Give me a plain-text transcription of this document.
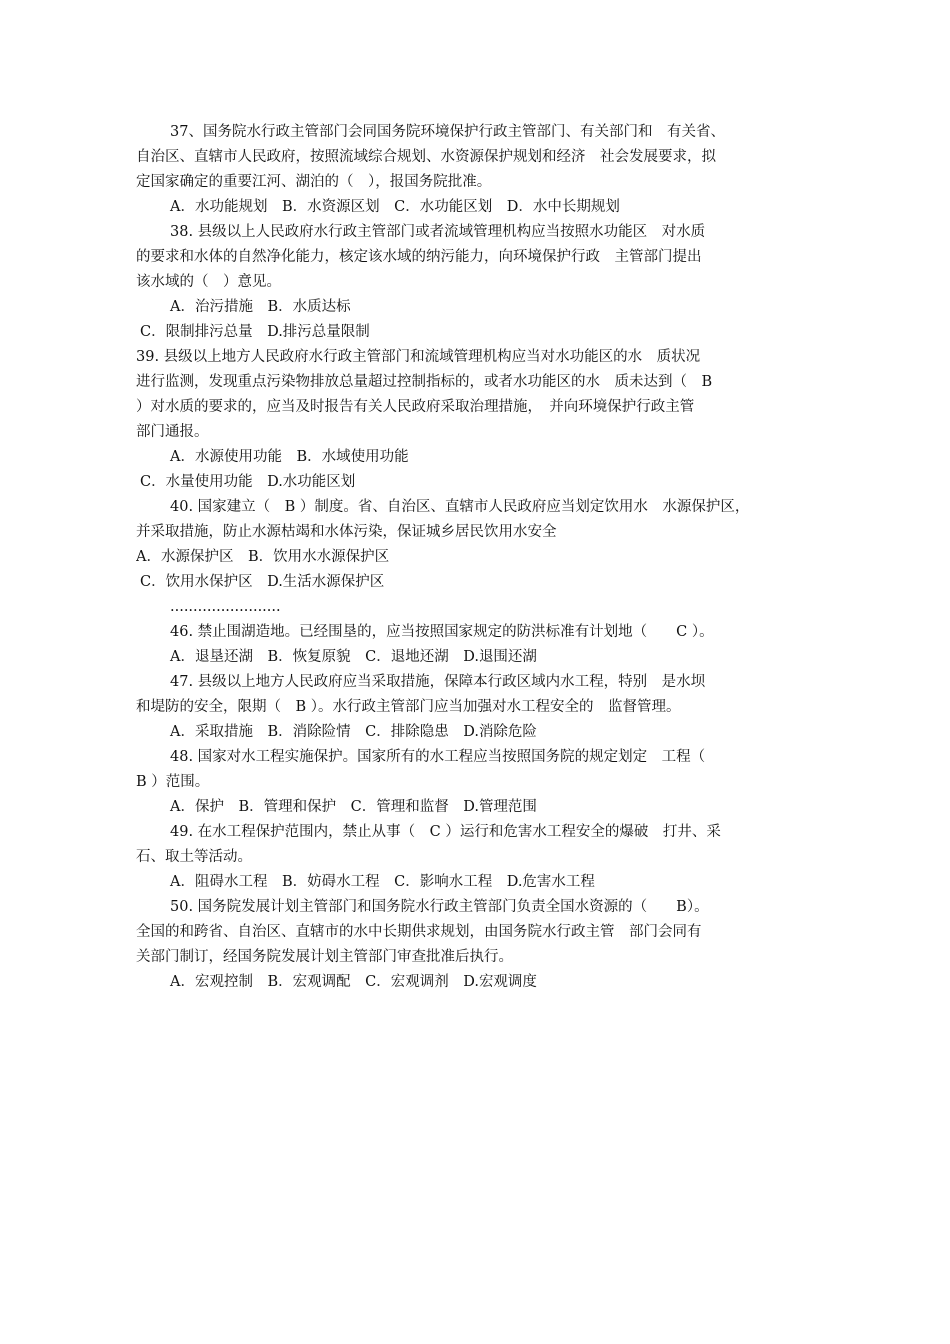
37、国务院水行政主管部门会同国务院环境保护行政主管部门、有关部门和　有关省、
自治区、直辖市人民政府，按照流域综合规划、水资源保护规划和经济　社会发展要求，拟
定国家确定的重要江河、湖泊的（　），报国务院批准。
A．水功能规划　B．水资源区划　C．水功能区划　D．水中长期规划
38. 县级以上人民政府水行政主管部门或者流域管理机构应当按照水功能区　对水质
的要求和水体的自然净化能力，核定该水域的纳污能力，向环境保护行政　主管部门提出
该水域的（　）意见。
A．治污措施　B．水质达标
C．限制排污总量　D.排污总量限制
39. 县级以上地方人民政府水行政主管部门和流域管理机构应当对水功能区的水　质状况
进行监测，发现重点污染物排放总量超过控制指标的，或者水功能区的水　质未达到（　B
）对水质的要求的，应当及时报告有关人民政府采取治理措施，　并向环境保护行政主管
部门通报。
A．水源使用功能　B．水域使用功能
C．水量使用功能　D.水功能区划
40. 国家建立（　B ）制度。省、自治区、直辖市人民政府应当划定饮用水　水源保护区，
并采取措施，防止水源枯竭和水体污染，保证城乡居民饮用水安全
A．水源保护区　B．饮用水水源保护区
C．饮用水保护区　D.生活水源保护区
........................
46. 禁止围湖造地。已经围垦的，应当按照国家规定的防洪标准有计划地（　　C ）。
A．退垦还湖　B．恢复原貌　C．退地还湖　D.退围还湖
47. 县级以上地方人民政府应当采取措施，保障本行政区域内水工程，特别　是水坝
和堤防的安全，限期（　B ）。水行政主管部门应当加强对水工程安全的　监督管理。
A．采取措施　B．消除险情　C．排除隐患　D.消除危险
48. 国家对水工程实施保护。国家所有的水工程应当按照国务院的规定划定　工程（
B ）范围。
A．保护　B．管理和保护　C．管理和监督　D.管理范围
49. 在水工程保护范围内，禁止从事（　C ）运行和危害水工程安全的爆破　打井、采
石、取土等活动。
A．阻碍水工程　B．妨碍水工程　C．影响水工程　D.危害水工程
50. 国务院发展计划主管部门和国务院水行政主管部门负责全国水资源的（　　B）。
全国的和跨省、自治区、直辖市的水中长期供求规划，由国务院水行政主管　部门会同有
关部门制订，经国务院发展计划主管部门审查批准后执行。
A．宏观控制　B．宏观调配　C．宏观调剂　D.宏观调度
